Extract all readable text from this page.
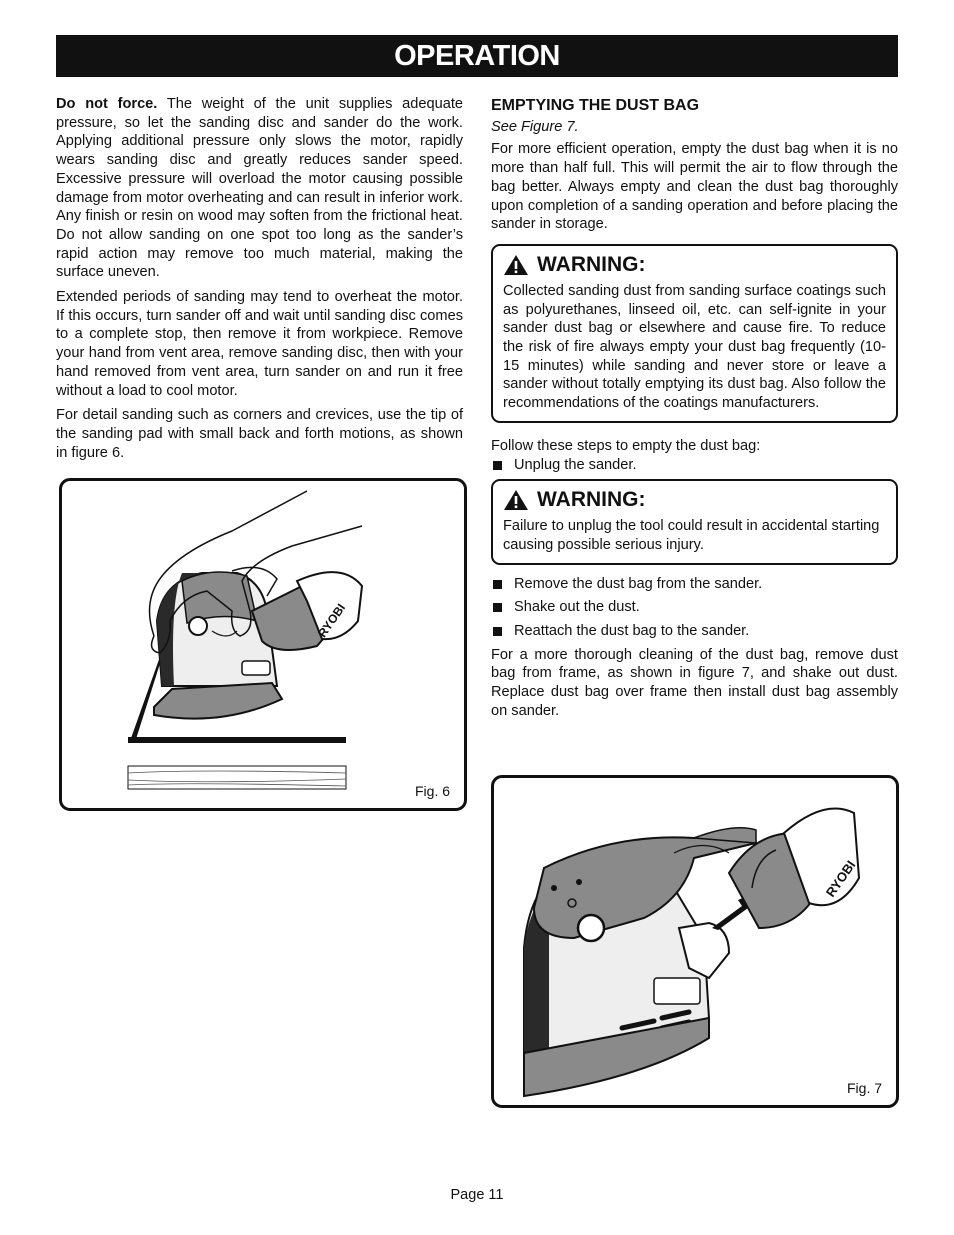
OPERATION

Do not force. The weight of the unit supplies adequate pressure, so let the sanding disc and sander do the work. Applying additional pressure only slows the motor, rapidly wears sanding disc and greatly reduces sander speed. Excessive pressure will overload the motor causing possible damage from motor overheating and can result in inferior work. Any finish or resin on wood may soften from the frictional heat. Do not allow sanding on one spot too long as the sander’s rapid action may remove too much material, making the surface uneven.

Extended periods of sanding may tend to overheat the motor. If this occurs, turn sander off and wait until sanding disc comes to a complete stop, then remove it from workpiece. Remove your hand from vent area, remove sanding disc, then with your hand removed from vent area, turn sander on and run it free without a load to cool motor.

For detail sanding such as corners and crevices, use the tip of the sanding pad with small back and forth motions, as shown in figure 6.

RYOBI
Fig. 6
EMPTYING THE DUST BAG
See Figure 7.

For more efficient operation, empty the dust bag when it is no more than half full. This will permit the air to flow through the bag better. Always empty and clean the dust bag thoroughly upon completion of a sanding operation and before placing the sander in storage.

WARNING:

Collected sanding dust from sanding surface coatings such as polyurethanes, linseed oil, etc. can self-ignite in your sander dust bag or elsewhere and cause fire. To reduce the risk of fire always empty your dust bag frequently (10-15 minutes) while sanding and never store or leave a sander without totally emptying its dust bag. Also follow the recommendations of the coatings manufacturers.

Follow these steps to empty the dust bag:
Unplug the sander.
WARNING:

Failure to unplug the tool could result in accidental starting causing possible serious injury.

Remove the dust bag from the sander.
Shake out the dust.
Reattach the dust bag to the sander.

For a more thorough cleaning of the dust bag, remove dust bag from frame, as shown in figure 7, and shake out dust. Replace dust bag over frame then install dust bag assembly on sander.

RYOBI
Fig. 7
Page 11
